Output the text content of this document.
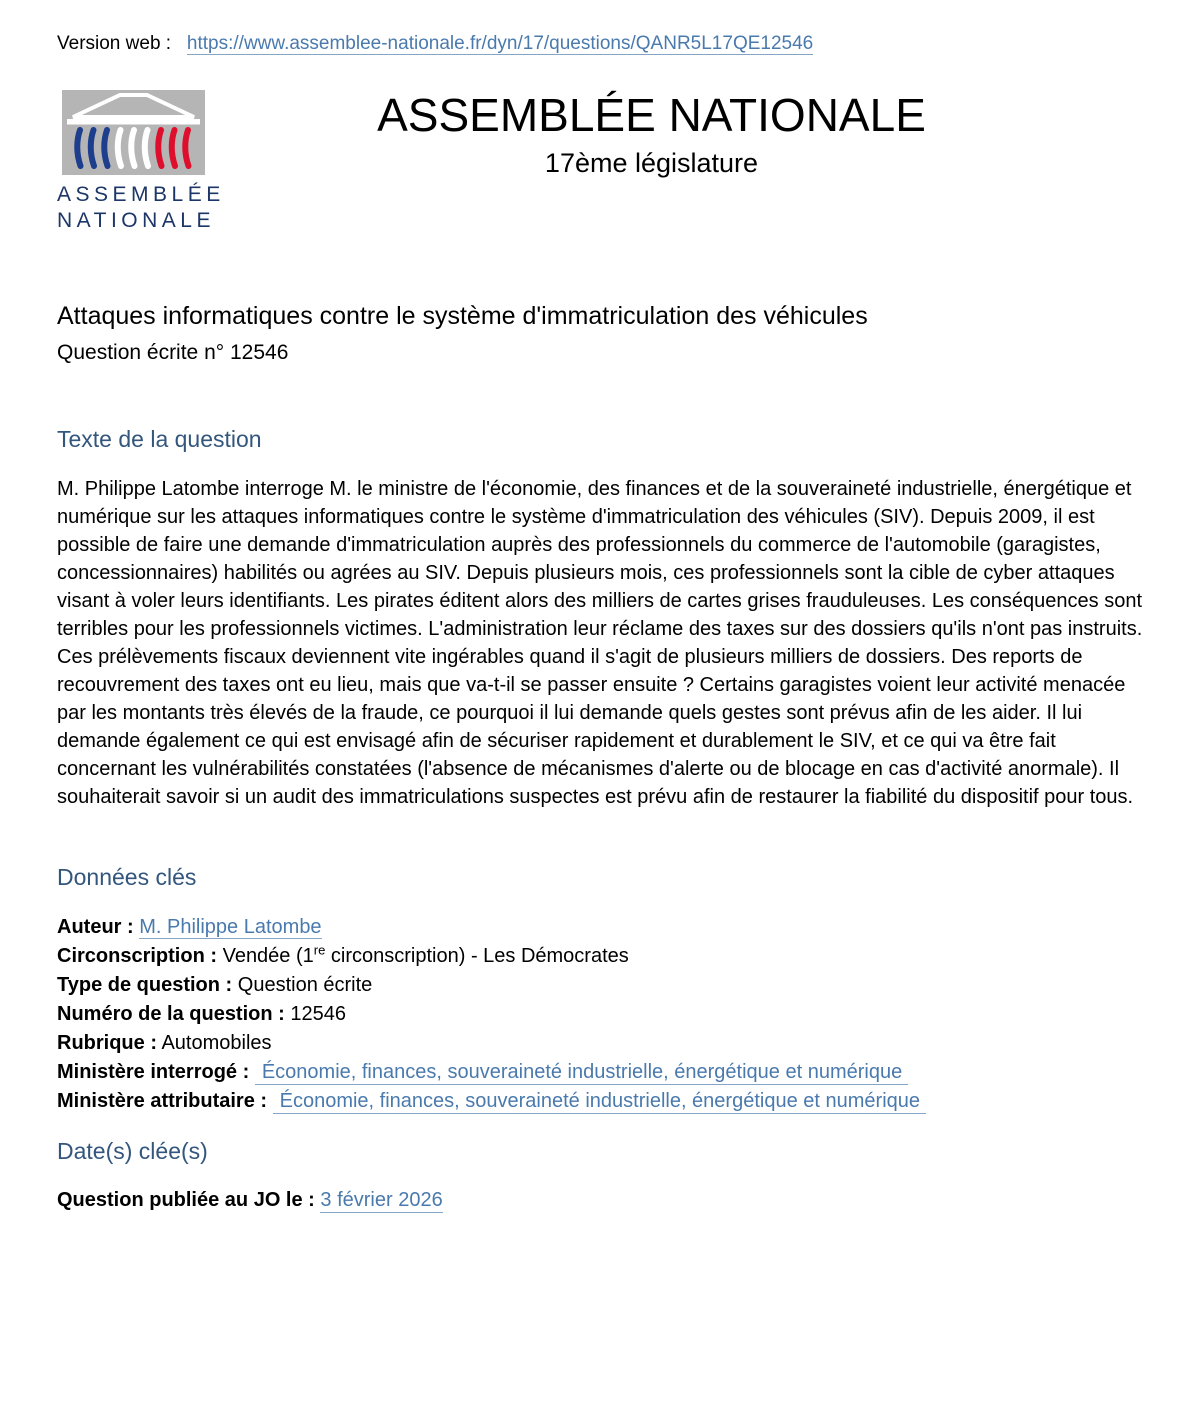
Version web : https://www.assemblee-nationale.fr/dyn/17/questions/QANR5L17QE12546
ASSEMBLÉE
NATIONALE
ASSEMBLÉE NATIONALE
17ème législature
Attaques informatiques contre le système d'immatriculation des véhicules
Question écrite n° 12546
Texte de la question
M. Philippe Latombe interroge M. le ministre de l'économie, des finances et de la souveraineté industrielle, énergétique et numérique sur les attaques informatiques contre le système d'immatriculation des véhicules (SIV). Depuis 2009, il est possible de faire une demande d'immatriculation auprès des professionnels du commerce de l'automobile (garagistes, concessionnaires) habilités ou agrées au SIV. Depuis plusieurs mois, ces professionnels sont la cible de cyber attaques visant à voler leurs identifiants. Les pirates éditent alors des milliers de cartes grises frauduleuses. Les conséquences sont terribles pour les professionnels victimes. L'administration leur réclame des taxes sur des dossiers qu'ils n'ont pas instruits. Ces prélèvements fiscaux deviennent vite ingérables quand il s'agit de plusieurs milliers de dossiers. Des reports de recouvrement des taxes ont eu lieu, mais que va-t-il se passer ensuite ? Certains garagistes voient leur activité menacée par les montants très élevés de la fraude, ce pourquoi il lui demande quels gestes sont prévus afin de les aider. Il lui demande également ce qui est envisagé afin de sécuriser rapidement et durablement le SIV, et ce qui va être fait concernant les vulnérabilités constatées (l'absence de mécanismes d'alerte ou de blocage en cas d'activité anormale). Il souhaiterait savoir si un audit des immatriculations suspectes est prévu afin de restaurer la fiabilité du dispositif pour tous.
Données clés
Auteur : M. Philippe Latombe
Circonscription : Vendée (1re circonscription) - Les Démocrates
Type de question : Question écrite
Numéro de la question : 12546
Rubrique : Automobiles
Ministère interrogé : Économie, finances, souveraineté industrielle, énergétique et numérique
Ministère attributaire : Économie, finances, souveraineté industrielle, énergétique et numérique
Date(s) clée(s)
Question publiée au JO le : 3 février 2026
